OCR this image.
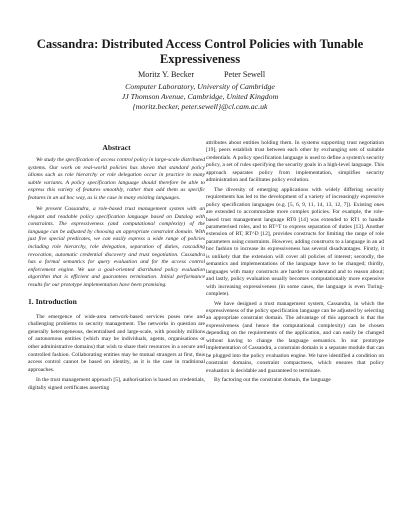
Cassandra: Distributed Access Control Policies with Tunable Expressiveness
Moritz Y. Becker	Peter Sewell
Computer Laboratory, University of Cambridge
JJ Thomson Avenue, Cambridge, United Kingdom
{moritz.becker, peter.sewell}@cl.cam.ac.uk
Abstract

We study the specification of access control policy in large-scale distributed systems. Our work on real-world policies has shown that standard policy idioms such as role hierarchy or role delegation occur in practice in many subtle variants. A policy specification language should therefore be able to express this variety of features smoothly, rather than add them as specific features in an ad hoc way, as is the case in many existing languages.

We present Cassandra, a role-based trust management system with an elegant and readable policy specification language based on Datalog with constraints. The expressiveness (and computational complexity) of the language can be adjusted by choosing an appropriate constraint domain. With just five special predicates, we can easily express a wide range of policies including role hierarchy, role delegation, separation of duties, cascading revocation, automatic credential discovery and trust negotiation. Cassandra has a formal semantics for query evaluation and for the access control enforcement engine. We use a goal-oriented distributed policy evaluation algorithm that is efficient and guarantees termination. Initial performance results for our prototype implementation have been promising.

1. Introduction

The emergence of wide-area network-based services poses new and challenging problems to security management. The networks in question are generally heterogeneous, decentralised and large-scale, with possibly millions of autonomous entities (which may be individuals, agents, organisations or other administrative domains) that wish to share their resources in a secure and controlled fashion. Collaborating entities may be mutual strangers at first, thus access control cannot be based on identity, as it is the case in traditional approaches.

In the trust management approach [5], authorisation is based on credentials, digitally signed certificates asserting

attributes about entities holding them. In systems supporting trust negotiation [19], peers establish trust between each other by exchanging sets of suitable credentials. A policy specification language is used to define a system's security policy, a set of rules specifying the security goals in a high-level language. This approach separates policy from implementation, simplifies security administration and facilitates policy evolution.

The diversity of emerging applications with widely differing security requirements has led to the development of a variety of increasingly expressive policy specification languages (e.g. [5, 6, 9, 11, 14, 13, 12, 7]). Existing ones are extended to accommodate more complex policies. For example, the role-based trust management language RT0 [14] was extended to RT1 to handle parameterised roles, and to RT^T to express separation of duties [13]. Another extension of RT, RT^D [12], provides constructs for limiting the range of role parameters using constraints. However, adding constructs to a language in an ad hoc fashion to increase its expressiveness has several disadvantages. Firstly, it is unlikely that the extension will cover all policies of interest; secondly, the semantics and implementations of the language have to be changed; thirdly, languages with many constructs are harder to understand and to reason about; and lastly, policy evaluation usually becomes computationally more expensive with increasing expressiveness (in some cases, the language is even Turing-complete).

We have designed a trust management system, Cassandra, in which the expressiveness of the policy specification language can be adjusted by selecting an appropriate constraint domain. The advantage of this approach is that the expressiveness (and hence the computational complexity) can be chosen depending on the requirements of the application, and can easily be changed without having to change the language semantics. In our prototype implementation of Cassandra, a constraint domain is a separate module that can be plugged into the policy evaluation engine. We have identified a condition on constraint domains, constraint compactness, which ensures that policy evaluation is decidable and guaranteed to terminate.

By factoring out the constraint domain, the language
